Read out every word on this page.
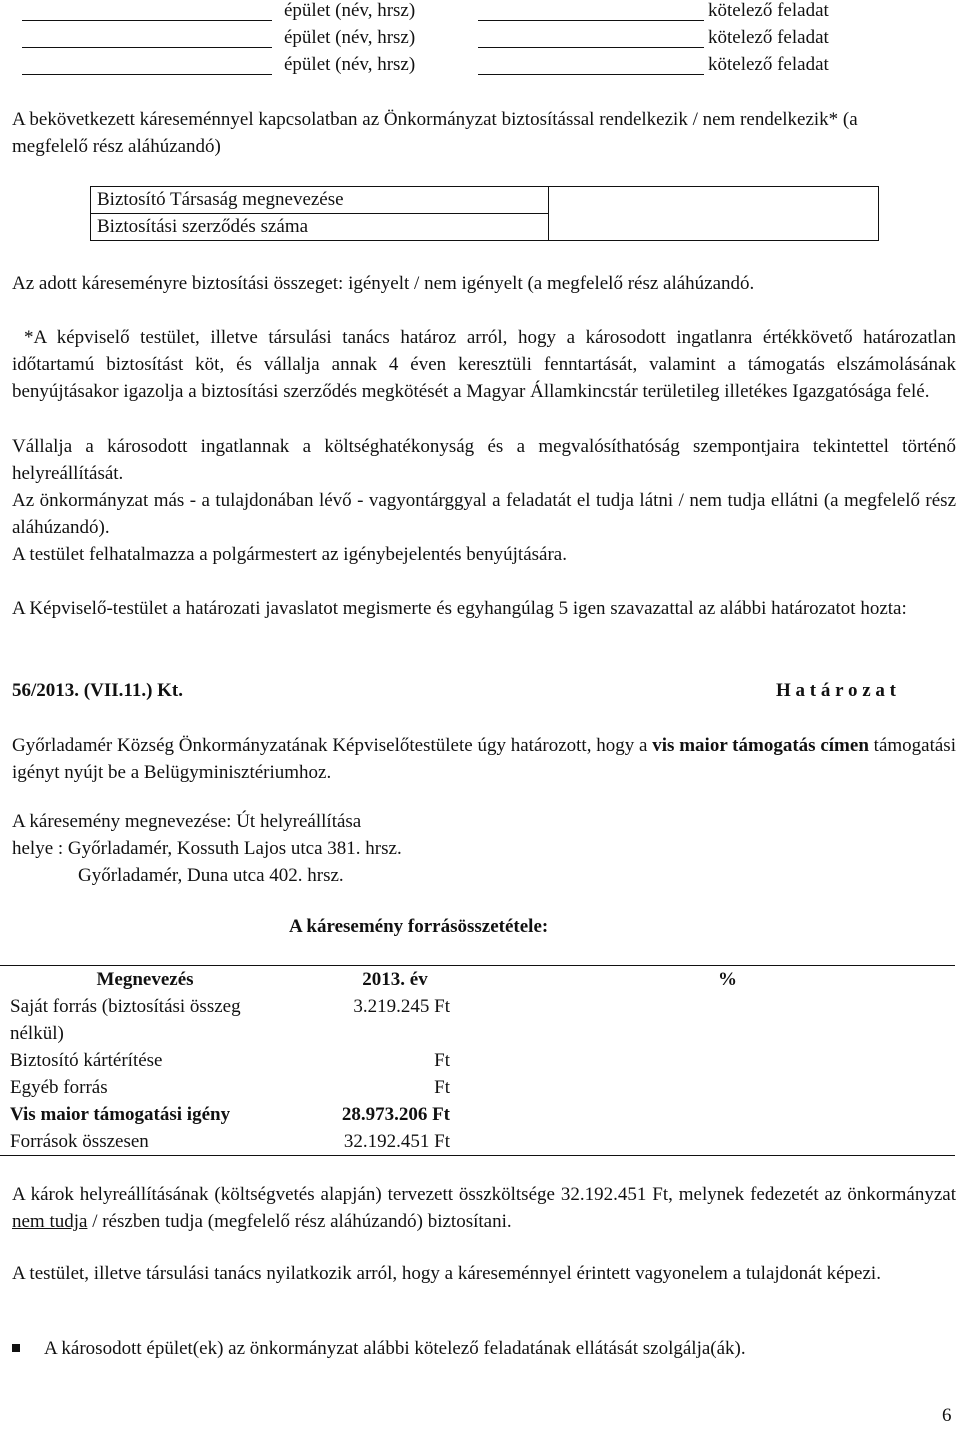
épület (név, hrsz)	kötelező feladat
épület (név, hrsz)	kötelező feladat
épület (név, hrsz)	kötelező feladat
A bekövetkezett káreseménnyel kapcsolatban az Önkormányzat biztosítással rendelkezik / nem rendelkezik* (a megfelelő rész aláhúzandó)
Biztosító Társaság megnevezése	
Biztosítási szerződés száma
Az adott káreseményre biztosítási összeget: igényelt / nem igényelt (a megfelelő rész aláhúzandó.
*A képviselő testület, illetve társulási tanács határoz arról, hogy a károsodott ingatlanra értékkövető határozatlan időtartamú biztosítást köt, és vállalja annak 4 éven keresztüli fenntartását, valamint a támogatás elszámolásának benyújtásakor igazolja a biztosítási szerződés megkötését a Magyar Államkincstár területileg illetékes Igazgatósága felé.
Vállalja a károsodott ingatlannak a költséghatékonyság és a megvalósíthatóság szempontjaira tekintettel történő helyreállítását.
Az önkormányzat más - a tulajdonában lévő - vagyontárggyal a feladatát el tudja látni / nem tudja ellátni (a megfelelő rész aláhúzandó).
A testület felhatalmazza a polgármestert az igénybejelentés benyújtására.
A Képviselő-testület a határozati javaslatot megismerte és egyhangúlag 5 igen szavazattal az alábbi határozatot hozta:
56/2013. (VII.11.) Kt.	H a t á r o z a t
Győrladamér Község Önkormányzatának Képviselőtestülete úgy határozott, hogy a vis maior támogatás címen támogatási igényt nyújt be a Belügyminisztériumhoz.
A káresemény megnevezése: Út helyreállítása
helye : Győrladamér, Kossuth Lajos utca 381. hrsz.
Győrladamér, Duna utca 402. hrsz.
A káresemény forrásösszetétele:
Megnevezés	2013. év	%
Saját forrás (biztosítási összeg nélkül)	3.219.245 Ft	
Biztosító kártérítése	Ft	
Egyéb forrás	Ft	
Vis maior támogatási igény	28.973.206 Ft	
Források összesen	32.192.451 Ft	
A károk helyreállításának (költségvetés alapján) tervezett összköltsége 32.192.451 Ft, melynek fedezetét az önkormányzat nem tudja / részben tudja (megfelelő rész aláhúzandó) biztosítani.
A testület, illetve társulási tanács nyilatkozik arról, hogy a káreseménnyel érintett vagyonelem a tulajdonát képezi.
A károsodott épület(ek) az önkormányzat alábbi kötelező feladatának ellátását szolgálja(ák).
6
